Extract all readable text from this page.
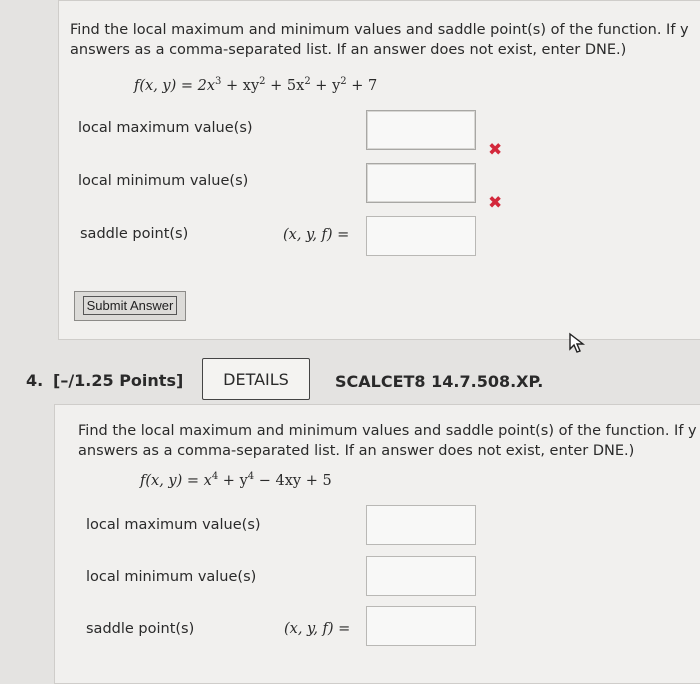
Find the local maximum and minimum values and saddle point(s) of the function. If y
answers as a comma-separated list. If an answer does not exist, enter DNE.)
f(x, $y) = 2x^3 + xy^2 + 5x^2 + y^2 + 7$
local maximum value(s)
✖
local minimum value(s)
✖
saddle point(s)	(x, y, f) =
Submit Answer
4. [–/1.25 Points]	DETAILS	SCALCET8 14.7.508.XP.
Find the local maximum and minimum values and saddle point(s) of the function. If y
answers as a comma-separated list. If an answer does not exist, enter DNE.)
f(x, $y) = x^4 + y^4 - 4xy + 5$
local maximum value(s)
local minimum value(s)
saddle point(s)	(x, y, f) =
